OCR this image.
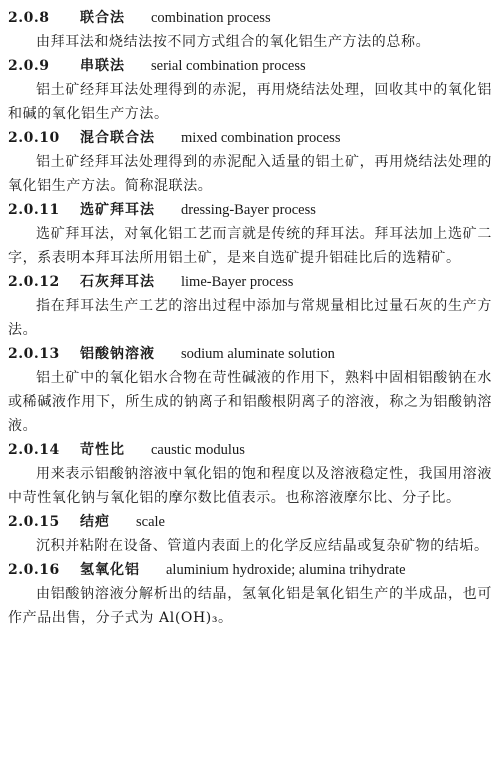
2.0.8	联合法 combination process

由拜耳法和烧结法按不同方式组合的氧化铝生产方法的总称。

2.0.9	串联法 serial combination process

铝土矿经拜耳法处理得到的赤泥，再用烧结法处理，回收其中的氧化铝和碱的氧化铝生产方法。

2.0.10	混合联合法 mixed combination process

铝土矿经拜耳法处理得到的赤泥配入适量的铝土矿，再用烧结法处理的氧化铝生产方法。简称混联法。

2.0.11	选矿拜耳法 dressing-Bayer process

选矿拜耳法，对氧化铝工艺而言就是传统的拜耳法。拜耳法加上选矿二字，系表明本拜耳法所用铝土矿，是来自选矿提升铝硅比后的选精矿。

2.0.12	石灰拜耳法 lime-Bayer process

指在拜耳法生产工艺的溶出过程中添加与常规量相比过量石灰的生产方法。

2.0.13	铝酸钠溶液 sodium aluminate solution

铝土矿中的氧化铝水合物在苛性碱液的作用下，熟料中固相铝酸钠在水或稀碱液作用下，所生成的钠离子和铝酸根阴离子的溶液，称之为铝酸钠溶液。

2.0.14	苛性比 caustic modulus

用来表示铝酸钠溶液中氧化铝的饱和程度以及溶液稳定性，我国用溶液中苛性氧化钠与氧化铝的摩尔数比值表示。也称溶液摩尔比、分子比。

2.0.15	结疤 scale

沉积并粘附在设备、管道内表面上的化学反应结晶或复杂矿物的结垢。

2.0.16	氢氧化铝 aluminium hydroxide; alumina trihydrate

由铝酸钠溶液分解析出的结晶，氢氧化铝是氧化铝生产的半成品，也可作产品出售，分子式为 Al(OH)₃。
